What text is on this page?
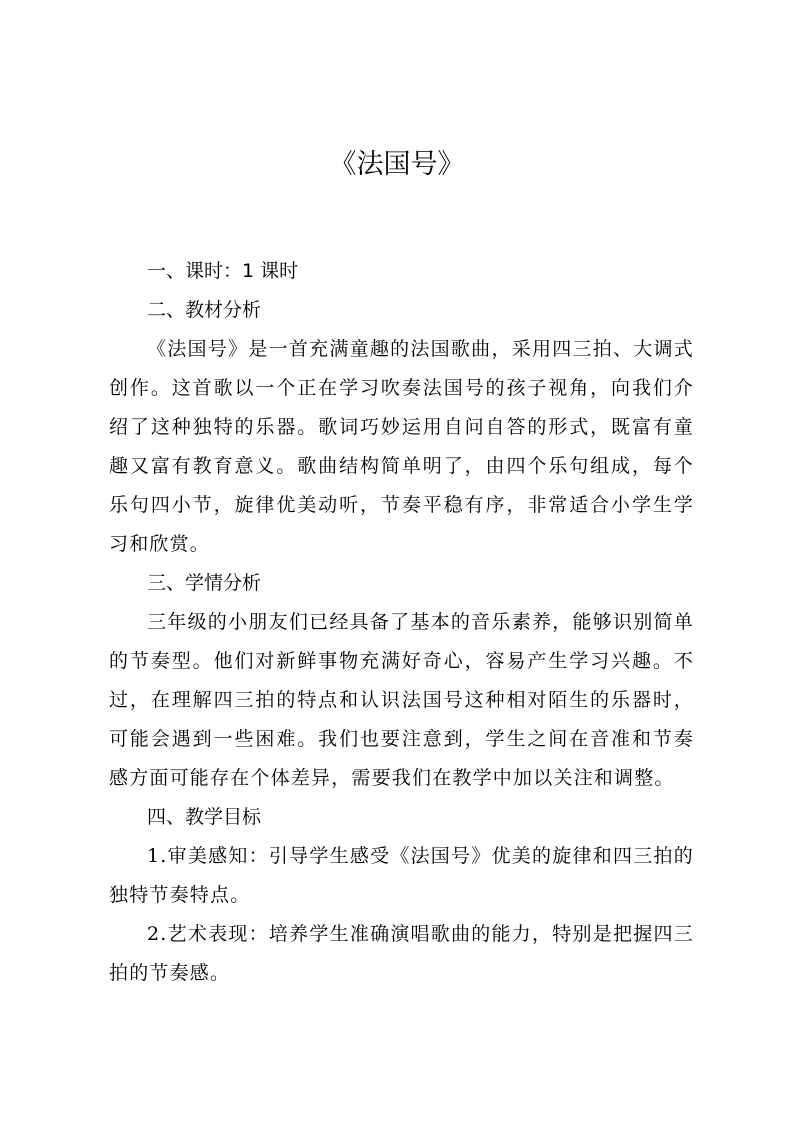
《法国号》
一、课时：1 课时
二、教材分析

《法国号》是一首充满童趣的法国歌曲，采用四三拍、大调式创作。这首歌以一个正在学习吹奏法国号的孩子视角，向我们介绍了这种独特的乐器。歌词巧妙运用自问自答的形式，既富有童趣又富有教育意义。歌曲结构简单明了，由四个乐句组成，每个乐句四小节，旋律优美动听，节奏平稳有序，非常适合小学生学习和欣赏。

三、学情分析

三年级的小朋友们已经具备了基本的音乐素养，能够识别简单的节奏型。他们对新鲜事物充满好奇心，容易产生学习兴趣。不过，在理解四三拍的特点和认识法国号这种相对陌生的乐器时，可能会遇到一些困难。我们也要注意到，学生之间在音准和节奏感方面可能存在个体差异，需要我们在教学中加以关注和调整。

四、教学目标

1.审美感知：引导学生感受《法国号》优美的旋律和四三拍的独特节奏特点。

2.艺术表现：培养学生准确演唱歌曲的能力，特别是把握四三拍的节奏感。
